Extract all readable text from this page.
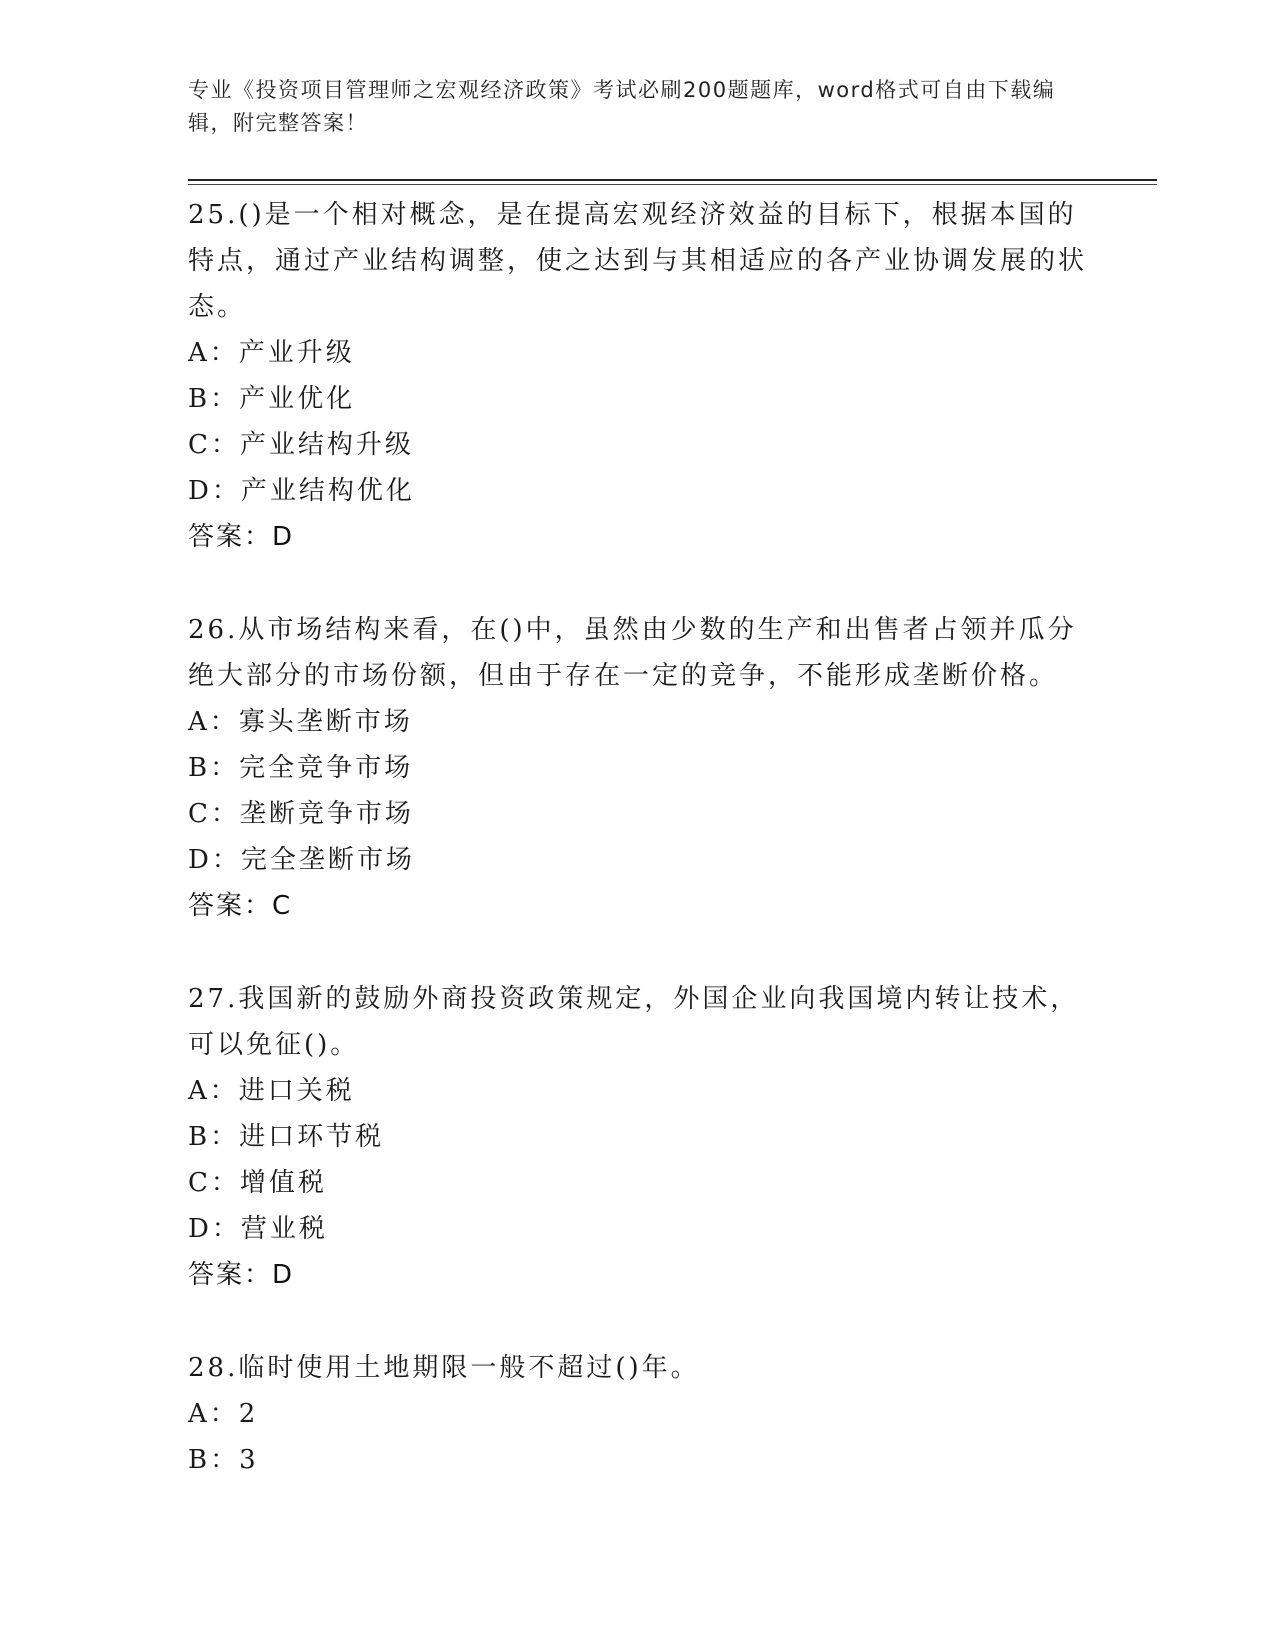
专业《投资项目管理师之宏观经济政策》考试必刷200题题库，word格式可自由下载编辑，附完整答案！

25.()是一个相对概念，是在提高宏观经济效益的目标下，根据本国的特点，通过产业结构调整，使之达到与其相适应的各产业协调发展的状态。

A：产业升级

B：产业优化

C：产业结构升级

D：产业结构优化

答案：D

26.从市场结构来看，在()中，虽然由少数的生产和出售者占领并瓜分绝大部分的市场份额，但由于存在一定的竞争，不能形成垄断价格。

A：寡头垄断市场

B：完全竞争市场

C：垄断竞争市场

D：完全垄断市场

答案：C

27.我国新的鼓励外商投资政策规定，外国企业向我国境内转让技术，可以免征()。

A：进口关税

B：进口环节税

C：增值税

D：营业税

答案：D

28.临时使用土地期限一般不超过()年。

A：2

B：3
